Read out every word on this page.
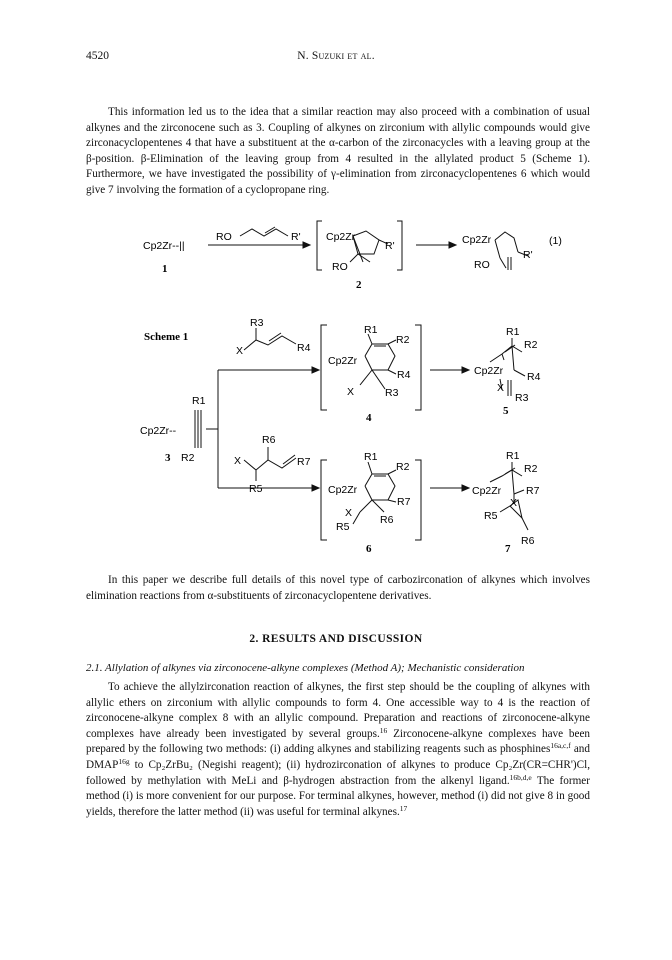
4520	N. Suzuki et al.

This information led us to the idea that a similar reaction may also proceed with a combination of usual alkynes and the zirconocene such as 3. Coupling of alkynes on zirconium with allylic compounds would give zirconacyclopentenes 4 that have a substituent at the α-carbon of the zirconacycles with a leaving group at the β-position. β-Elimination of the leaving group from 4 resulted in the allylated product 5 (Scheme 1). Furthermore, we have investigated the possibility of γ-elimination from zirconacyclopentenes 6 which would give 7 involving the formation of a cyclopropane ring.

Cp2Zr--||
1
RO	R' Cp2Zr
R'
RO
2
Cp2Zr
R'
RO
(1)
Scheme 1
Cp2Zr--
R1
R2
3
X
R3
R4
Cp2Zr
R1
R2
R4
X	R3
4
Cp2Zr
R1
R2
X
R4
R3
5
X
R6
R5
R7
Cp2Zr
R1
R2
R7
X
R6
R5
6
Cp2Zr
R1
R2
X
R7
R5
R6
7

In this paper we describe full details of this novel type of carbozirconation of alkynes which involves elimination reactions from α-substituents of zirconacyclopentene derivatives.

2. RESULTS AND DISCUSSION
2.1. Allylation of alkynes via zirconocene-alkyne complexes (Method A); Mechanistic consideration

To achieve the allylzirconation reaction of alkynes, the first step should be the coupling of alkynes with allylic ethers on zirconium with allylic compounds to form 4. One accessible way to 4 is the reaction of zirconocene-alkyne complex 8 with an allylic compound. Preparation and reactions of zirconocene-alkyne complexes have already been investigated by several groups.$^{16}$ Zirconocene-alkyne complexes have been prepared by the following two methods: (i) adding alkynes and stabilizing reagents such as phosphines$^{16a,c,f}$ and $DMAP^{16g}$ to Cp₂ZrBu₂ (Negishi reagent); (ii) hydrozirconation of alkynes to produce Cp₂Zr(CR=CHR')Cl, followed by methylation with MeLi and β-hydrogen abstraction from the alkenyl ligand.$^{16b,d,e}$ The former method (i) is more convenient for our purpose. For terminal alkynes, however, method (i) did not give 8 in good yields, therefore the latter method (ii) was useful for terminal alkynes.$^{17}$
